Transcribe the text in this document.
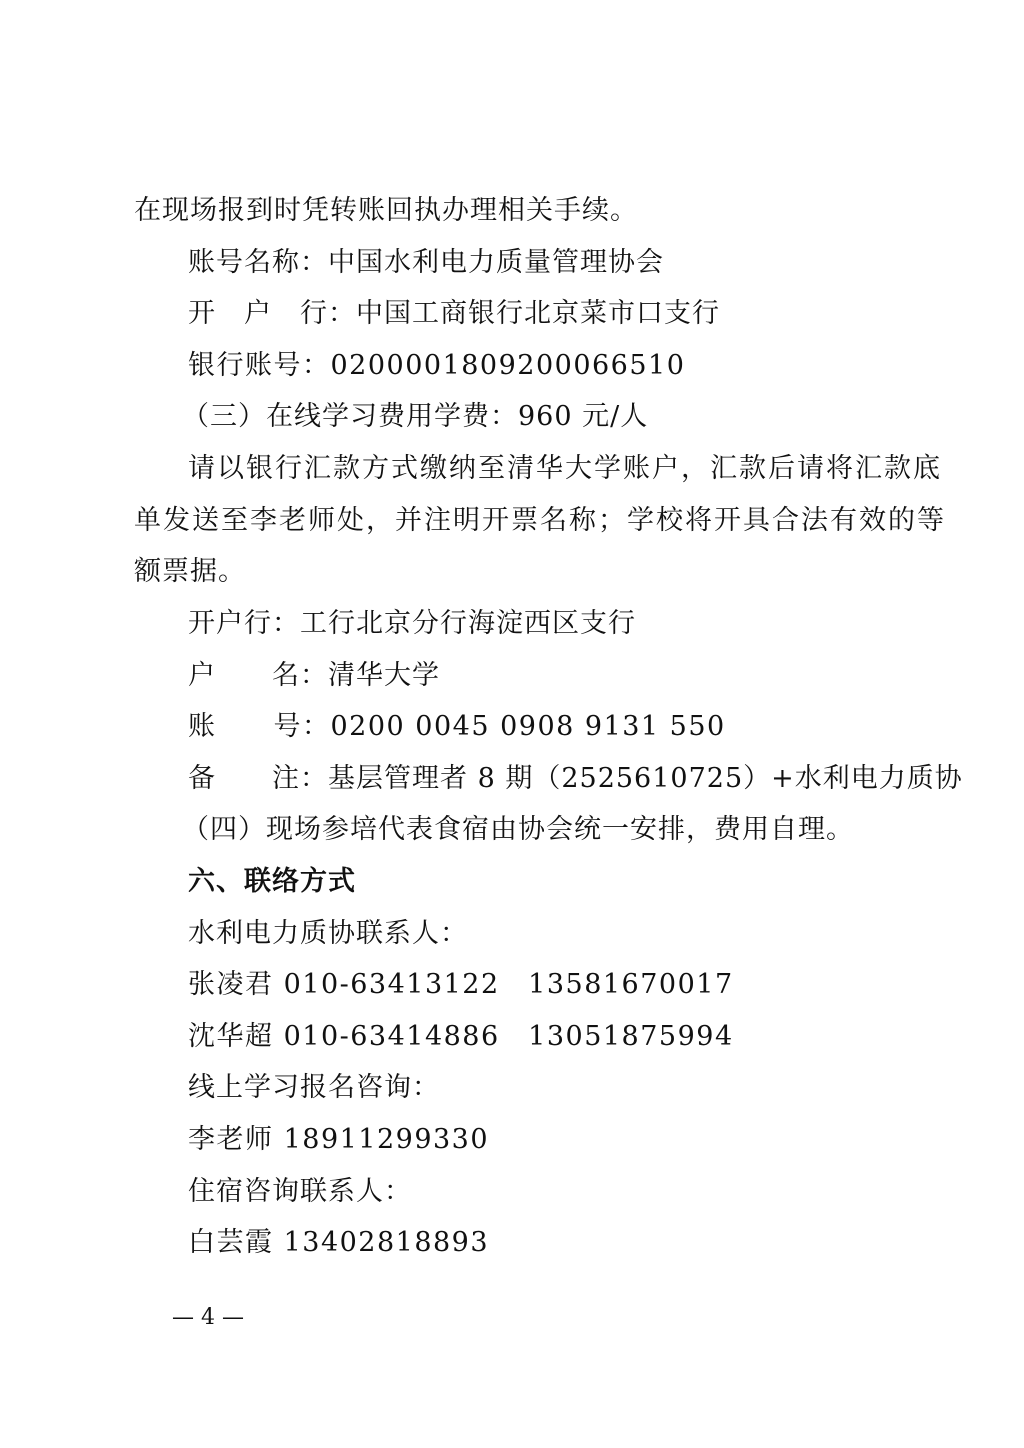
在现场报到时凭转账回执办理相关手续。
账号名称：中国水利电力质量管理协会
开　户　行：中国工商银行北京菜市口支行
银行账号：0200001809200066510
（三）在线学习费用学费：960 元/人
请以银行汇款方式缴纳至清华大学账户，汇款后请将汇款底
单发送至李老师处，并注明开票名称；学校将开具合法有效的等
额票据。
开户行：工行北京分行海淀西区支行
户　　名：清华大学
账　　号：0200 0045 0908 9131 550
备　　注：基层管理者 8 期（2525610725）+水利电力质协
（四）现场参培代表食宿由协会统一安排，费用自理。
六、联络方式
水利电力质协联系人：
张凌君 010-63413122　13581670017
沈华超 010-63414886　13051875994
线上学习报名咨询：
李老师 18911299330
住宿咨询联系人：
白芸霞 13402818893
— 4 —
